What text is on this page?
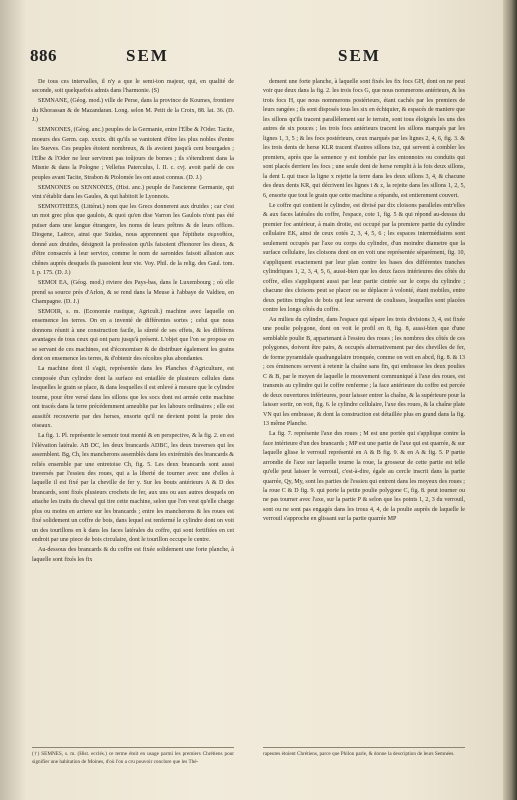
886	SEM	SEM

De tous ces intervalles, il n'y a que le semi-ton majeur, qui, en qualité de seconde, soit quelquefois admis dans l'harmonie. (S)

SEMNANE, (Géog. mod.) ville de Perse, dans la province de Koumes, frontiere du Khorassan & de Mazandaran. Long. selon M. Petit de la Croix, 88. lat. 36. (D. J.)

SEMNONES, (Géog. anc.) peuples de la Germanie, entre l'Elbe & l'Oder. Tacite, moeurs des Germ. cap. xxxix. dit qu'ils se vantoient d'être les plus nobles d'entre les Sueves. Ces peuples étoient nombreux, & ils avoient jusqu'à cent bourgades ; l'Elbe & l'Oder ne leur servirent pas toûjours de bornes ; ils s'étendirent dans la Misnie & dans la Pologne ; Velleïus Paterculus, l. II. c. cvj. avoit parlé de ces peuples avant Tacite, Strabon & Ptolomée les ont aussi connus. (D. J.)

SEMNONES ou SENNONES, (Hist. anc.) peuple de l'ancienne Germanie, qui vint s'établir dans les Gaules, & qui habitoit le Lyonnois.

SEMNOTHEES, (Littérat.) nom que les Grecs donnerent aux druides ; car c'est un mot grec plus que gaulois, & quoi qu'en dise Varron les Gaulois n'ont pas été puiser dans une langue étrangere, les noms de leurs prêtres & de leurs offices. Diogene, Laërce, ainsi que Suidas, nous apprennent que l'épithete σεμνοθέοι, donné aux druides, désignoit la profession qu'ils faisoient d'honorer les dieux, & d'être consacrés à leur service, comme le nom de saronides faisoit allusion aux chênes auprès desquels ils passoient leur vie. Voy. Phil. de la relig. des Gaul. tom. I. p. 175. (D. J.)

SEMOI EA, (Géog. mod.) riviere des Pays-bas, dans le Luxembourg ; où elle prend sa source près d'Arlon, & se rend dans la Meuse à l'abbaye de Valdieu, en Champagne. (D. J.)

SEMOIR, s. m. (Economie rustique, Agricult.) machine avec laquelle on ensemence les terres. On en a inventé de différentes sortes ; celui que nous donnons réunit à une construction facile, la sûreté de ses effets, & les différens avantages de tous ceux qui ont paru jusqu'à présent. L'objet que l'on se propose en se servant de ces machines, est d'économiser & de distribuer également les grains dont on ensemence les terres, & d'obtenir des récoltes plus abondantes.

La machine dont il s'agit, représentée dans les Planches d'Agriculture, est composée d'un cylindre dont la surface est entaillée de plusieurs cellules dans lesquelles le grain se place, & dans lesquelles il est enlevé à mesure que le cylindre tourne, pour être versé dans les sillons que les socs dont est armée cette machine ont tracés dans la terre précédemment ameublie par les labours ordinaires ; elle est aussitôt recouverte par des herses, ensorte qu'il ne devient point la proie des oiseaux.

La fig. 1. Pl. représente le semoir tout monté & en perspective, & la fig. 2. en est l'élévation latérale. AB DC, les deux brancards ADBC, les deux traverses qui les assemblent. Bg, Ch, les mancherons assemblés dans les extrémités des brancards & reliés ensemble par une entretoise Ch, fig. 5. Les deux brancards sont aussi traversés par l'essieu des roues, qui a la liberté de tourner avec une d'elles à laquelle il est fixé par la cheville de fer y. Sur les bouts antérieurs A & D des brancards, sont fixés plusieurs crochets de fer, aux uns ou aux autres desquels on attache les traits du cheval qui tire cette machine, selon que l'on veut qu'elle charge plus ou moins en arriere sur les brancards ; entre les mancherons & les roues est fixé solidement un coffre de bois, dans lequel est renfermé le cylindre dont on voit un des tourillons en k dans les faces latérales du coffre, qui sont fortifiées en cet endroit par une piece de bois circulaire, dont le tourillon occupe le centre.

Au-dessous des brancards & du coffre est fixée solidement une forte planche, à laquelle sont fixés les fix

dement une forte planche, à laquelle sont fixés les fix focs GH, dont on ne peut voir que deux dans la fig. 2. les trois focs G, que nous nommerons antérieurs, & les trois focs H, que nous nommerons postérieurs, étant cachés par les premiers de leurs rangées ; ils sont disposés tous les six en échiquier, & espacés de maniere que les sillons qu'ils tracent parallélement sur le terrain, sont tous éloignés les uns des autres de six pouces ; les trois focs antérieurs tracent les sillons marqués par les lignes 1, 3, 5 ; & les focs postérieurs, ceux marqués par les lignes 2, 4, 6, fig. 3. & les trois dents de herse KLR tracent d'autres sillons ixz, qui servent à combler les premiers, après que la semence y est tombée par les entonnoirs ou conduits qui sont placés derriere les focs ; une seule dent de herse remplit à la fois deux sillons, la dent L qui trace la ligne x rejette la terre dans les deux sillons 3, 4, & chacune des deux dents KR, qui décrivent les lignes i & z, la rejette dans les sillons 1, 2, 5, 6, ensorte que tout le grain que cette machine a répandu, est entierement couvert.

Le coffre qui contient le cylindre, est divisé par dix cloisons paralleles entr'elles & aux faces latérales du coffre, l'espace, cote 1, fig. 5 & qui répond au-dessus du premier foc antérieur, à main droite, est occupé par la premiere partie du cylindre cellulaire EK, ainsi de ceux cotés 2, 3, 4, 5, 6 ; les espaces intermédiaires sont seulement occupés par l'axe ou corps du cylindre, d'un moindre diametre que la surface cellulaire, les cloisons dont on en voit une représentée séparément, fig. 10, s'appliquent exactement par leur plan contre les bases des différentes tranches cylindriques 1, 2, 3, 4, 5, 6, aussi-bien que les deux faces intérieures des côtés du coffre, elles s'appliquent aussi par leur partie cintrée sur le corps du cylindre ; chacune des cloisons peut se placer ou se déplacer à volonté, étant mobiles, entre deux petites tringles de bois qui leur servent de coulisses, lesquelles sont placées contre les longs côtés du coffre.

Au milieu du cylindre, dans l'espace qui sépare les trois divisions 3, 4, est fixée une poulie polygone, dont on voit le profil en 8, fig. 8, aussi-bien que d'une semblable poulie B, appartenant à l'essieu des roues ; les nombres des côtés de ces polygones, doivent être pairs, & occupés alternativement par des chevilles de fer, de forme pyramidale quadrangulaire tronquée, comme on voit en abcd, fig. 8. & 13 ; ces éminences servent à retenir la chaîne sans fin, qui embrasse les deux poulies C & B, par le moyen de laquelle le mouvement communiqué à l'axe des roues, est transmis au cylindre qui le coffre renferme ; la face antérieure du coffre est percée de deux ouvertures inférieures, pour laisser entrer la chaîne, & la supérieure pour la laisser sortir, on voit, fig. 6. le cylindre cellulaire, l'axe des roues, & la chaîne plate VN qui les embrasse, & dont la construction est détaillée plus en grand dans la fig. 13 même Planche.

La fig. 7. représente l'axe des roues ; M est une portée qui s'applique contre la face intérieure d'un des brancards ; MP est une partie de l'axe qui est quarrée, & sur laquelle glisse le verrouil représenté en A & B fig. 9. & en A & fig. 5. P partie arrondie de l'axe sur laquelle tourne la roue, la grosseur de cette partie est telle qu'elle peut laisser le verrouil, c'est-à-dire, égale au cercle inscrit dans la partie quarrée, Qy, My, sont les parties de l'essieu qui entrent dans les moyeux des roues ; la roue C & D fig. 9. qui porte la petite poulie polygone C, fig. 8. peut tourner ou ne pas tourner avec l'axe, sur la partie P & selon que les points 1, 2, 3 du verrouil, sont ou ne sont pas engagés dans les trous 4, 4, de la poulie auprès de laquelle le verrouil s'approche en glissant sur la partie quarrée MP

(†) SEMNES, s. m. (Hist. ecclés.) ce terme étoit en usage parmi les premiers Chrétiens pour signifier une habitation de Moines, d'où l'on a cru pouvoir conclure que les Thé-
rapeutes étoient Chrétiens, parce que Philon parle, & donne la description de leurs Semnées.
